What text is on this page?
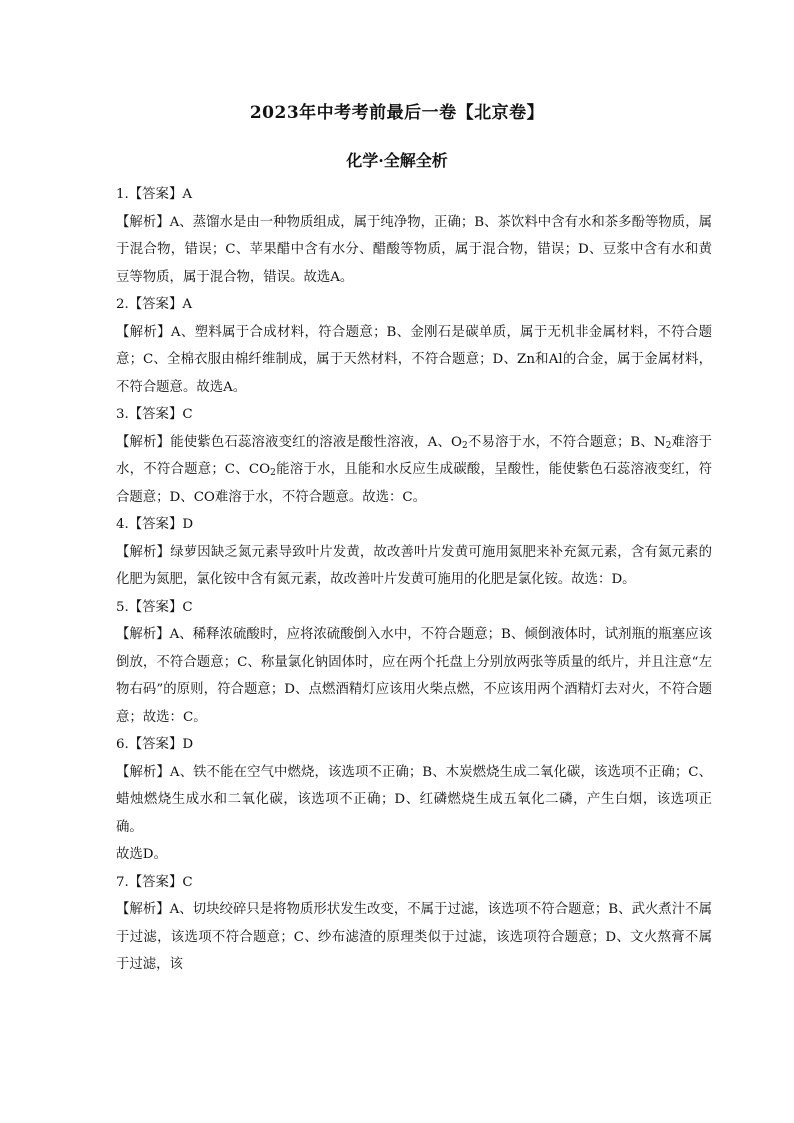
2023年中考考前最后一卷【北京卷】
化学·全解全析

1.【答案】A

【解析】A、蒸馏水是由一种物质组成，属于纯净物，正确；B、茶饮料中含有水和茶多酚等物质，属于混合物，错误；C、苹果醋中含有水分、醋酸等物质，属于混合物，错误；D、豆浆中含有水和黄豆等物质，属于混合物，错误。故选A。

2.【答案】A

【解析】A、塑料属于合成材料，符合题意；B、金刚石是碳单质，属于无机非金属材料，不符合题意；C、全棉衣服由棉纤维制成，属于天然材料，不符合题意；D、Zn和Al的合金，属于金属材料，不符合题意。故选A。

3.【答案】C

【解析】能使紫色石蕊溶液变红的溶液是酸性溶液，A、$O_2$不易溶于水，不符合题意；B、$N_2$难溶于水，不符合题意；C、$CO_2$能溶于水，且能和水反应生成碳酸，呈酸性，能使紫色石蕊溶液变红，符合题意；D、CO难溶于水，不符合题意。故选：C。

4.【答案】D

【解析】绿萝因缺乏氮元素导致叶片发黄，故改善叶片发黄可施用氮肥来补充氮元素，含有氮元素的化肥为氮肥，氯化铵中含有氮元素，故改善叶片发黄可施用的化肥是氯化铵。故选：D。

5.【答案】C

【解析】A、稀释浓硫酸时，应将浓硫酸倒入水中，不符合题意；B、倾倒液体时，试剂瓶的瓶塞应该倒放，不符合题意；C、称量氯化钠固体时，应在两个托盘上分别放两张等质量的纸片，并且注意“左物右码”的原则，符合题意；D、点燃酒精灯应该用火柴点燃，不应该用两个酒精灯去对火，不符合题意；故选：C。

6.【答案】D

【解析】A、铁不能在空气中燃烧，该选项不正确；B、木炭燃烧生成二氧化碳，该选项不正确；C、蜡烛燃烧生成水和二氧化碳，该选项不正确；D、红磷燃烧生成五氧化二磷，产生白烟，该选项正确。

故选D。

7.【答案】C

【解析】A、切块绞碎只是将物质形状发生改变，不属于过滤，该选项不符合题意；B、武火煮汁不属于过滤，该选项不符合题意；C、纱布滤渣的原理类似于过滤，该选项符合题意；D、文火熬膏不属于过滤，该
